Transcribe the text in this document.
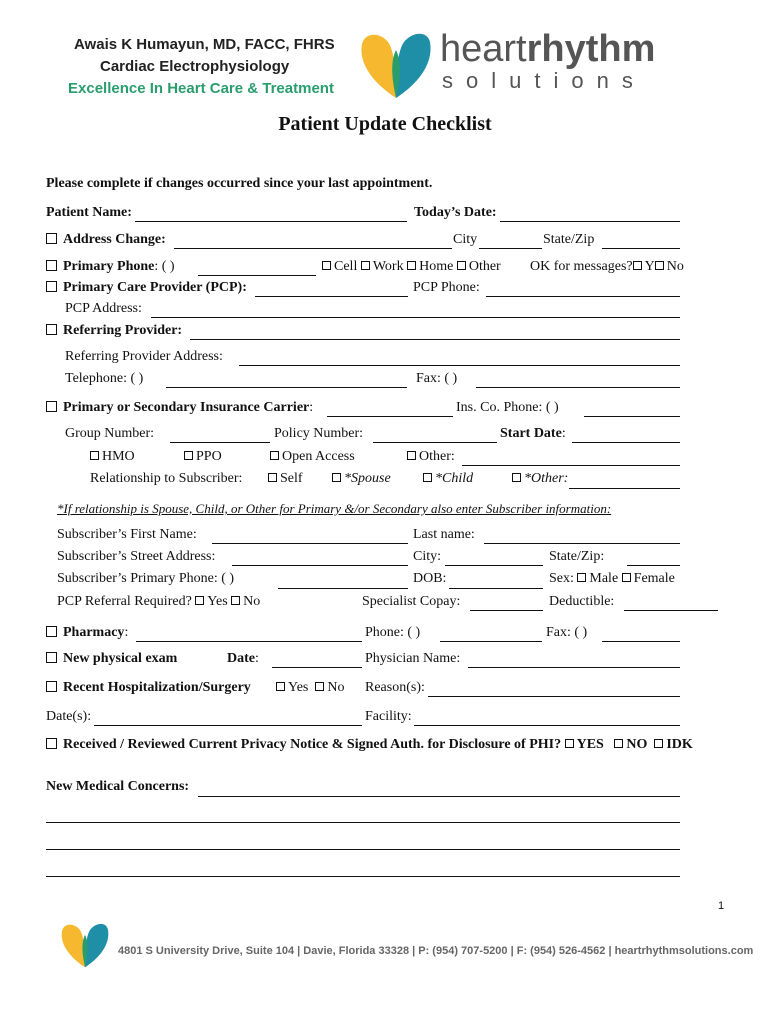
Awais K Humayun, MD, FACC, FHRS
Cardiac Electrophysiology
Excellence In Heart Care & Treatment
heartrhythm
solutions
Patient Update Checklist
Please complete if changes occurred since your last appointment.
Patient Name:	Today’s Date:
Address Change:	City	State/Zip
Primary Phone: ( )	Cell Work Home Other OK for messages? Y No
Primary Care Provider (PCP):	PCP Phone:
PCP Address:
Referring Provider:
Referring Provider Address:
Telephone: ( )	Fax: ( )
Primary or Secondary Insurance Carrier:	Ins. Co. Phone: ( )
Group Number:	Policy Number:	Start Date:
HMO	PPO	Open Access	Other:
Relationship to Subscriber:	Self	*Spouse	*Child	*Other:
*If relationship is Spouse, Child, or Other for Primary &/or Secondary also enter Subscriber information:
Subscriber’s First Name:	Last name:
Subscriber’s Street Address:	City:	State/Zip:
Subscriber’s Primary Phone: ( )	DOB:	Sex: Male Female
PCP Referral Required? Yes No	Specialist Copay:	Deductible:
Pharmacy:	Phone: ( )	Fax: ( )
New physical exam	Date:	Physician Name:
Recent Hospitalization/Surgery	Yes No Reason(s):
Date(s):	Facility:
Received / Reviewed Current Privacy Notice & Signed Auth. for Disclosure of PHI? YES NO IDK
New Medical Concerns:
1
4801 S University Drive, Suite 104 | Davie, Florida 33328 | P: (954) 707-5200 | F: (954) 526-4562 | heartrhythmsolutions.com
